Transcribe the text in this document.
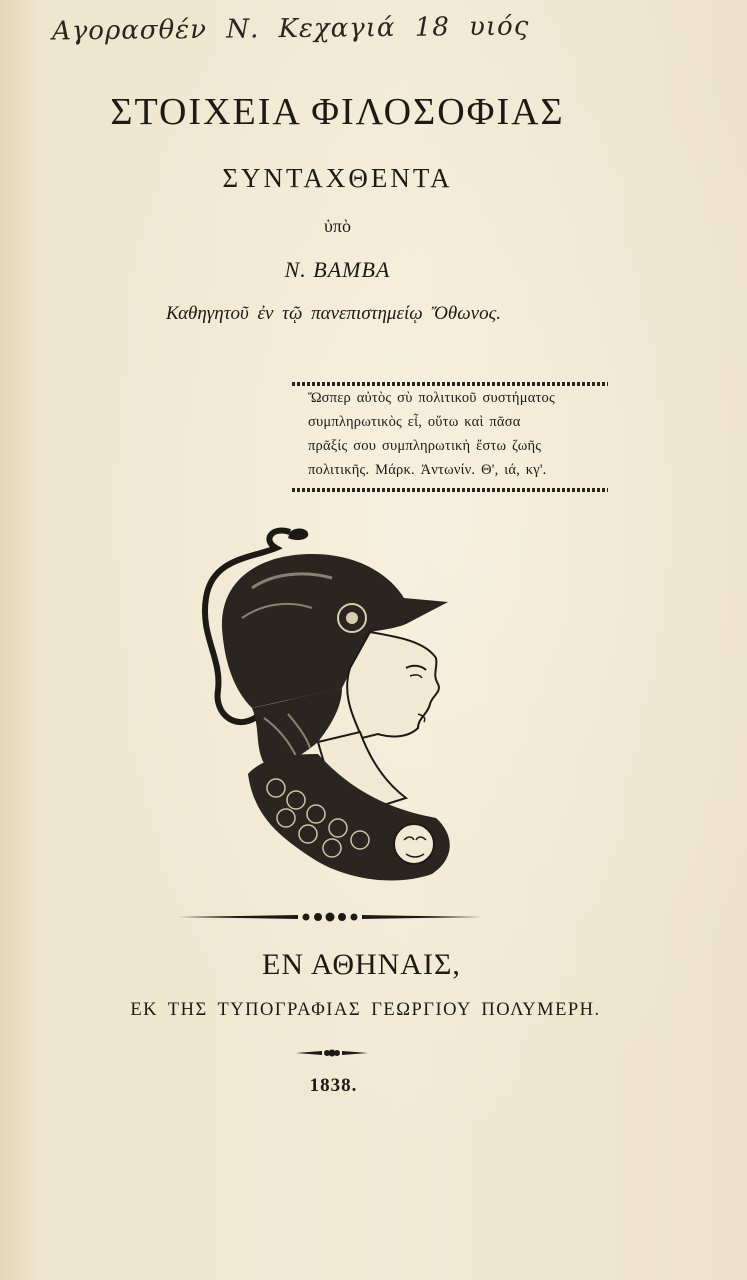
Αγορασθέν Ν. Κεχαγιά 18 υιός
ΣΤΟΙΧΕΙΑ ΦΙΛΟΣΟΦΙΑΣ
ΣΥΝΤΑΧΘΕΝΤΑ
ὑπὸ
Ν. ΒΑΜΒΑ
Καθηγητοῦ ἐν τῷ πανεπιστημείῳ Ὄθωνος.
Ὥσπερ αὐτὸς σὺ πολιτικοῦ συστήματος
συμπληρωτικὸς εἶ, οὕτω καὶ πᾶσα
πρᾶξίς σου συμπληρωτικὴ ἔστω ζωῆς
πολιτικῆς. Μάρκ. Ἀντωνίν. Θ', ιά, κγ'.
ΕΝ ΑΘΗΝΑΙΣ,
ΕΚ ΤΗΣ ΤΥΠΟΓΡΑΦΙΑΣ ΓΕΩΡΓΙΟΥ ΠΟΛΥΜΕΡΗ.
1838.
